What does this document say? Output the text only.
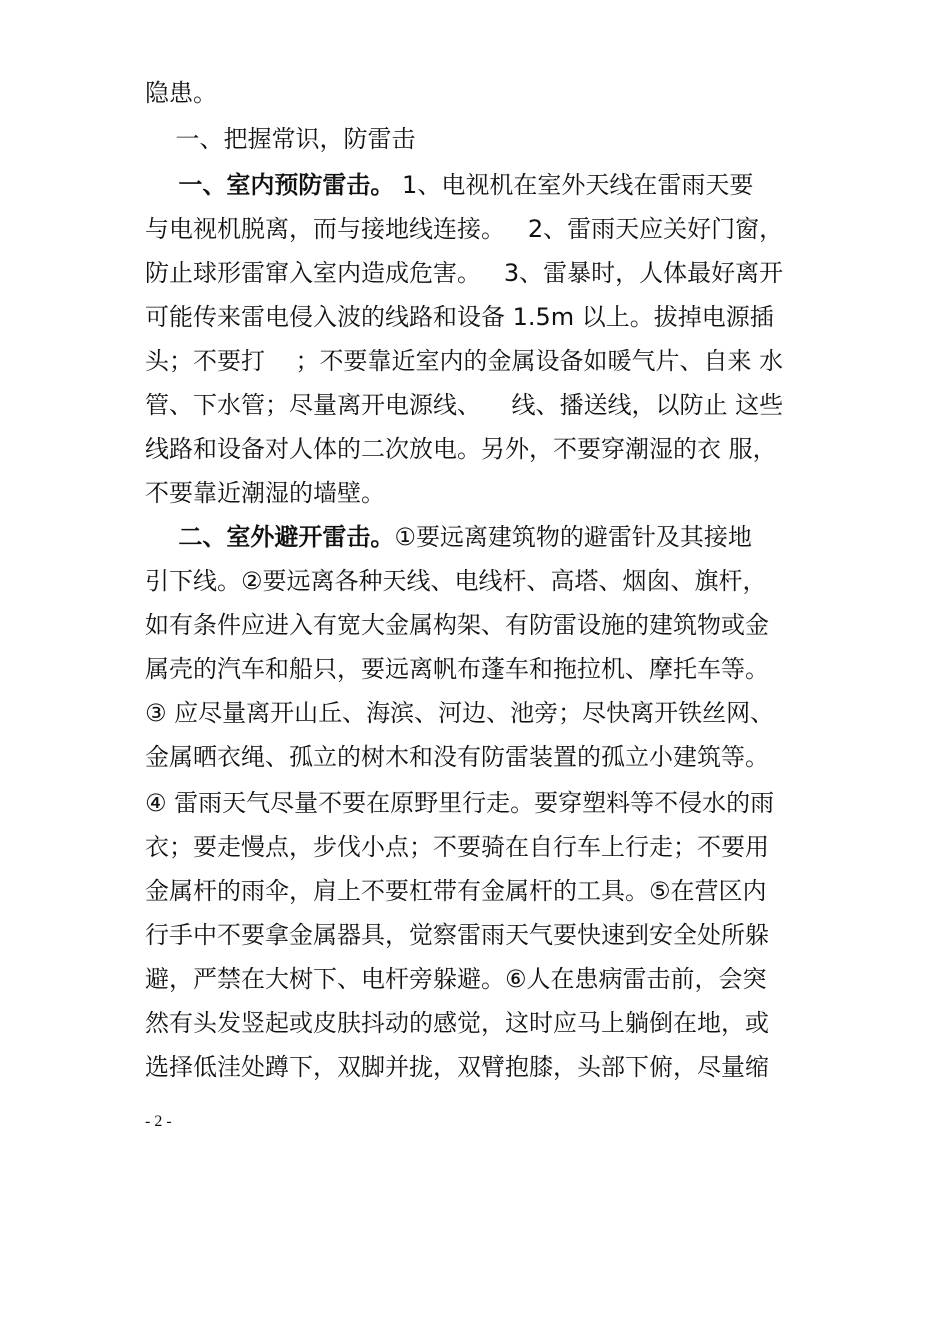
隐患。
一、把握常识，防雷击
一、室内预防雷击。 1、电视机在室外天线在雷雨天要
与电视机脱离，而与接地线连接。   2、雷雨天应关好门窗，
防止球形雷窜入室内造成危害。   3、雷暴时，人体最好离开
可能传来雷电侵入波的线路和设备 1.5m 以上。拔掉电源插
头；不要打    ；不要靠近室内的金属设备如暖气片、自来 水
管、下水管；尽量离开电源线、    线、播送线，以防止 这些
线路和设备对人体的二次放电。另外，不要穿潮湿的衣 服，
不要靠近潮湿的墙壁。
二、室外避开雷击。①要远离建筑物的避雷针及其接地
引下线。②要远离各种天线、电线杆、高塔、烟囱、旗杆，
如有条件应进入有宽大金属构架、有防雷设施的建筑物或金
属壳的汽车和船只，要远离帆布蓬车和拖拉机、摩托车等。
③ 应尽量离开山丘、海滨、河边、池旁；尽快离开铁丝网、
金属晒衣绳、孤立的树木和没有防雷装置的孤立小建筑等。
④ 雷雨天气尽量不要在原野里行走。要穿塑料等不侵水的雨
衣；要走慢点，步伐小点；不要骑在自行车上行走；不要用
金属杆的雨伞，肩上不要杠带有金属杆的工具。⑤在营区内
行手中不要拿金属器具，觉察雷雨天气要快速到安全处所躲
避，严禁在大树下、电杆旁躲避。⑥人在患病雷击前，会突
然有头发竖起或皮肤抖动的感觉，这时应马上躺倒在地，或
选择低洼处蹲下，双脚并拢，双臂抱膝，头部下俯，尽量缩
- 2 -
